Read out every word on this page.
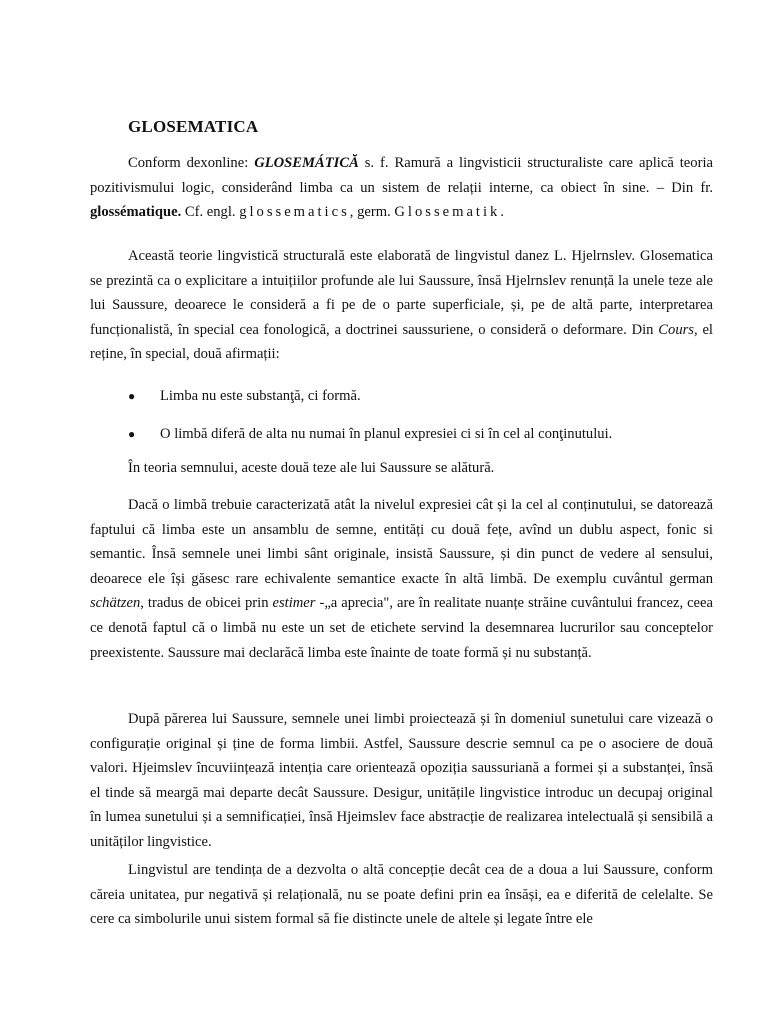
GLOSEMATICA

Conform dexonline: GLOSEMÁTICĂ s. f. Ramură a lingvisticii structuraliste care aplică teoria pozitivismului logic, considerând limba ca un sistem de relații interne, ca obiect în sine. – Din fr. glossématique. Cf. engl. glossematics, germ. Glossematik.

Această teorie lingvistică structurală este elaborată de lingvistul danez L. Hjelrnslev. Glosematica se prezintă ca o explicitare a intuițiilor profunde ale lui Saussure, însă Hjelrnslev renunță la unele teze ale lui Saussure, deoarece le consideră a fi pe de o parte superficiale, și, pe de altă parte, interpretarea funcționalistă, în special cea fonologică, a doctrinei saussuriene, o consideră o deformare. Din Cours, el reține, în special, două afirmații:

● Limba nu este substanţă, ci formă.
● O limbă diferă de alta nu numai în planul expresiei ci si în cel al conţinutului.

În teoria semnului, aceste două teze ale lui Saussure se alătură.

Dacă o limbă trebuie caracterizată atât la nivelul expresiei cât și la cel al conținutului, se datorează faptului că limba este un ansamblu de semne, entități cu două fețe, avînd un dublu aspect, fonic si semantic. Însă semnele unei limbi sânt originale, insistă Saussure, și din punct de vedere al sensului, deoarece ele își găsesc rare echivalente semantice exacte în altă limbă. De exemplu cuvântul german schätzen, tradus de obicei prin estimer -„a aprecia", are în realitate nuanțe străine cuvântului francez, ceea ce denotă faptul că o limbă nu este un set de etichete servind la desemnarea lucrurilor sau conceptelor preexistente. Saussure mai declarăcă limba este înainte de toate formă și nu substanță.

După părerea lui Saussure, semnele unei limbi proiectează și în domeniul sunetului care vizează o configurație original și ține de forma limbii. Astfel, Saussure descrie semnul ca pe o asociere de două valori. Hjeimslev încuviințează intenția care orientează opoziția saussuriană a formei și a substanței, însă el tinde să meargă mai departe decât Saussure. Desigur, unitățile lingvistice introduc un decupaj original în lumea sunetului și a semnificației, însă Hjeimslev face abstracție de realizarea intelectuală și sensibilă a unităților lingvistice.

Lingvistul are tendința de a dezvolta o altă concepție decât cea de a doua a lui Saussure, conform căreia unitatea, pur negativă și relațională, nu se poate defini prin ea însăși, ea e diferită de celelalte. Se cere ca simbolurile unui sistem formal să fie distincte unele de altele și legate între ele
